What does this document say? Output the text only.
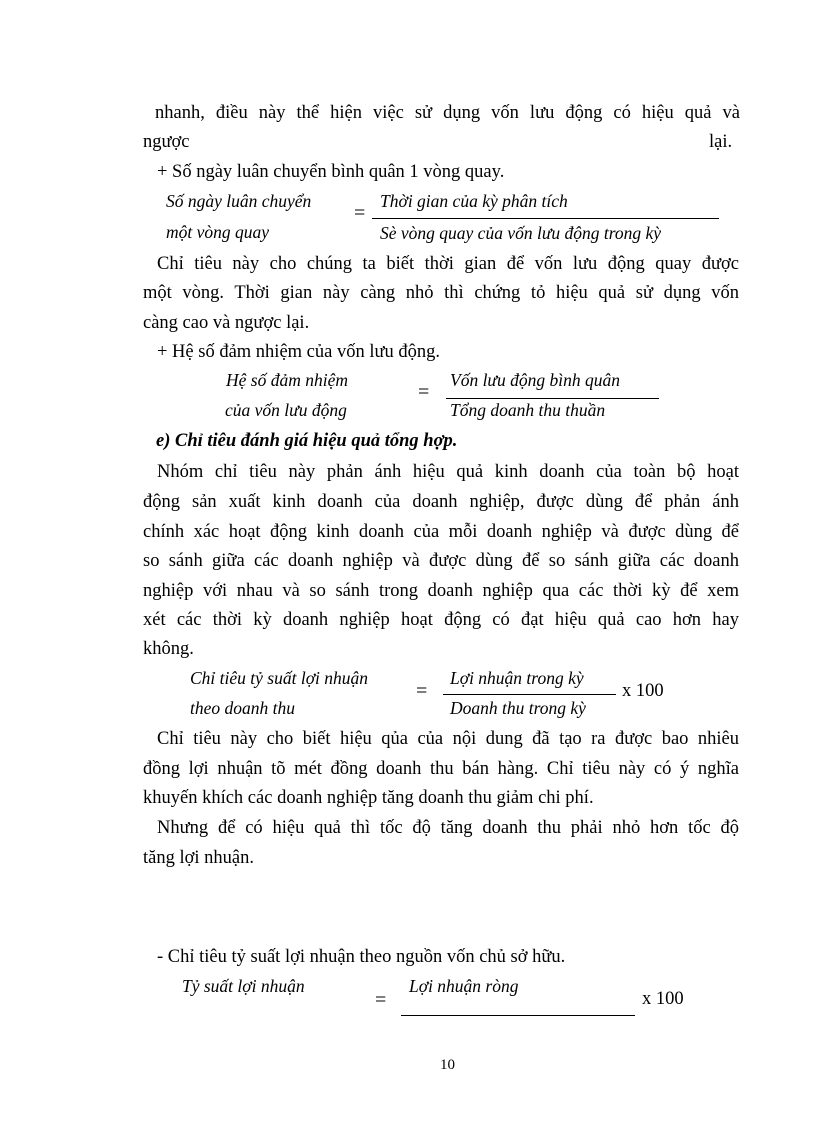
nhanh, điều này thể hiện việc sử dụng vốn lưu động có hiệu quả và
ngược	lại.
+ Số ngày luân chuyển bình quân 1 vòng quay.
Số ngày luân chuyển
một vòng quay
=
Thời gian của kỳ phân tích
Sè vòng quay của vốn lưu động trong kỳ
Chỉ tiêu này cho chúng ta biết thời gian để vốn lưu động quay được
một vòng. Thời gian này càng nhỏ thì chứng tỏ hiệu quả sử dụng vốn
càng cao và ngược lại.
+ Hệ số đảm nhiệm của vốn lưu động.
Hệ số đảm nhiệm
của vốn lưu động
=
Vốn lưu động bình quân
Tổng doanh thu thuần
e) Chỉ tiêu đánh giá hiệu quả tổng hợp.
Nhóm chỉ tiêu này phản ánh hiệu quả kinh doanh của toàn bộ hoạt
động sản xuất kinh doanh của doanh nghiệp, được dùng để phản ánh
chính xác hoạt động kinh doanh của mỗi doanh nghiệp và được dùng để
so sánh giữa các doanh nghiệp và được dùng để so sánh giữa các doanh
nghiệp với nhau và so sánh trong doanh nghiệp qua các thời kỳ để xem
xét các thời kỳ doanh nghiệp hoạt động có đạt hiệu quả cao hơn hay
không.
Chỉ tiêu tỷ suất lợi nhuận
theo doanh thu
=
Lợi nhuận trong kỳ
Doanh thu trong kỳ
x 100
Chỉ tiêu này cho biết hiệu qủa của nội dung đã tạo ra được bao nhiêu
đồng lợi nhuận tõ mét đồng doanh thu bán hàng. Chỉ tiêu này có ý nghĩa
khuyến khích các doanh nghiệp tăng doanh thu giảm chi phí.
Nhưng để có hiệu quả thì tốc độ tăng doanh thu phải nhỏ hơn tốc độ
tăng lợi nhuận.
- Chỉ tiêu tỷ suất lợi nhuận theo nguồn vốn chủ sở hữu.
Tỷ suất lợi nhuận
=
Lợi nhuận ròng
x 100
10
